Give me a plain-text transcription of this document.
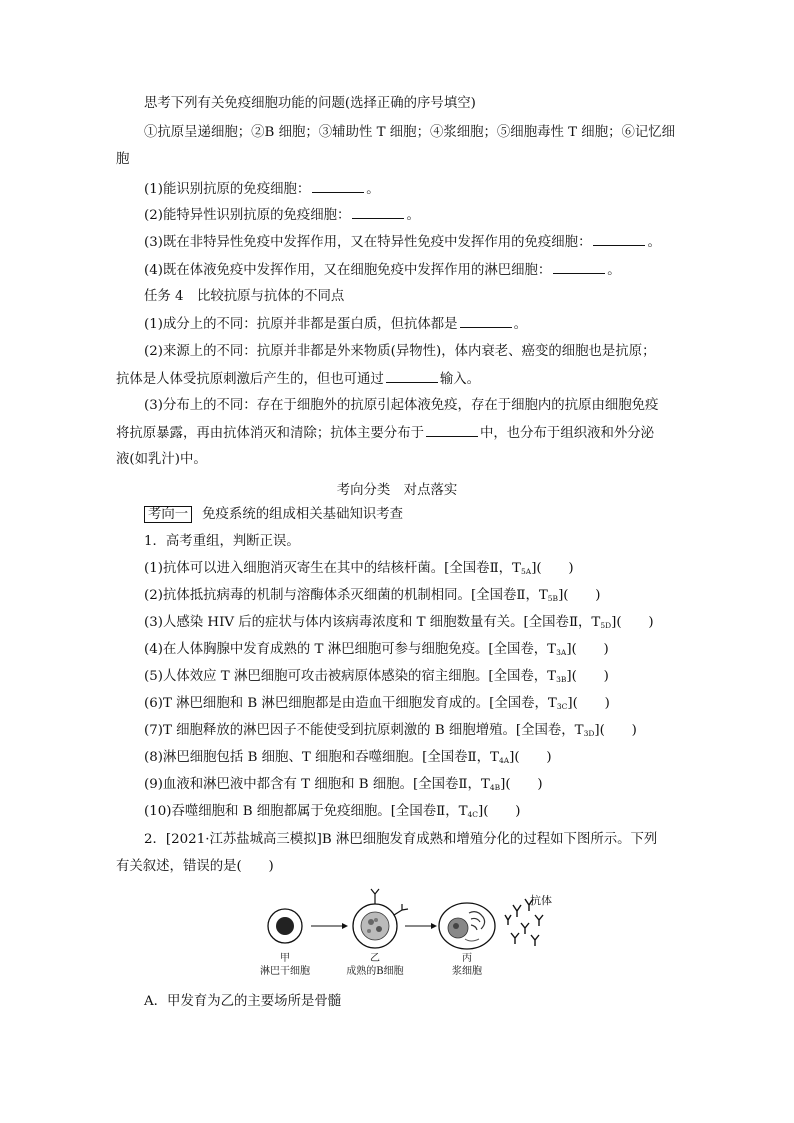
思考下列有关免疫细胞功能的问题(选择正确的序号填空)
①抗原呈递细胞；②B 细胞；③辅助性 T 细胞；④浆细胞；⑤细胞毒性 T 细胞；⑥记忆细
胞
(1)能识别抗原的免疫细胞：	。
(2)能特异性识别抗原的免疫细胞：	。
(3)既在非特异性免疫中发挥作用，又在特异性免疫中发挥作用的免疫细胞：	。
(4)既在体液免疫中发挥作用，又在细胞免疫中发挥作用的淋巴细胞：	。
任务 4　比较抗原与抗体的不同点
(1)成分上的不同：抗原并非都是蛋白质，但抗体都是	。
(2)来源上的不同：抗原并非都是外来物质(异物性)，体内衰老、癌变的细胞也是抗原；
抗体是人体受抗原刺激后产生的，但也可通过	输入。
(3)分布上的不同：存在于细胞外的抗原引起体液免疫，存在于细胞内的抗原由细胞免疫
将抗原暴露，再由抗体消灭和清除；抗体主要分布于	中，也分布于组织液和外分泌
液(如乳汁)中。
考向分类　对点落实
考向一 免疫系统的组成相关基础知识考查
1．高考重组，判断正误。
(1)抗体可以进入细胞消灭寄生在其中的结核杆菌。[全国卷Ⅱ，$T_{5A}$](　　)
(2)抗体抵抗病毒的机制与溶酶体杀灭细菌的机制相同。[全国卷Ⅱ，$T_{5B}$](　　)
(3)人感染 HIV 后的症状与体内该病毒浓度和 T 细胞数量有关。[全国卷Ⅱ，$T_{5D}$](　　)
(4)在人体胸腺中发育成熟的 T 淋巴细胞可参与细胞免疫。[全国卷，$T_{3A}$](　　)
(5)人体效应 T 淋巴细胞可攻击被病原体感染的宿主细胞。[全国卷，$T_{3B}$](　　)
(6)T 淋巴细胞和 B 淋巴细胞都是由造血干细胞发育成的。[全国卷，$T_{3C}$](　　)
(7)T 细胞释放的淋巴因子不能使受到抗原刺激的 B 细胞增殖。[全国卷，$T_{3D}$](　　)
(8)淋巴细胞包括 B 细胞、T 细胞和吞噬细胞。[全国卷Ⅱ，$T_{4A}$](　　)
(9)血液和淋巴液中都含有 T 细胞和 B 细胞。[全国卷Ⅱ，$T_{4B}$](　　)
(10)吞噬细胞和 B 细胞都属于免疫细胞。[全国卷Ⅱ，$T_{4C}$](　　)
2．[2021·江苏盐城高三模拟]B 淋巴细胞发育成熟和增殖分化的过程如下图所示。下列
有关叙述，错误的是(　　)
抗体
甲
淋巴干细胞
乙
成熟的B细胞
丙
浆细胞
A．甲发育为乙的主要场所是骨髓
